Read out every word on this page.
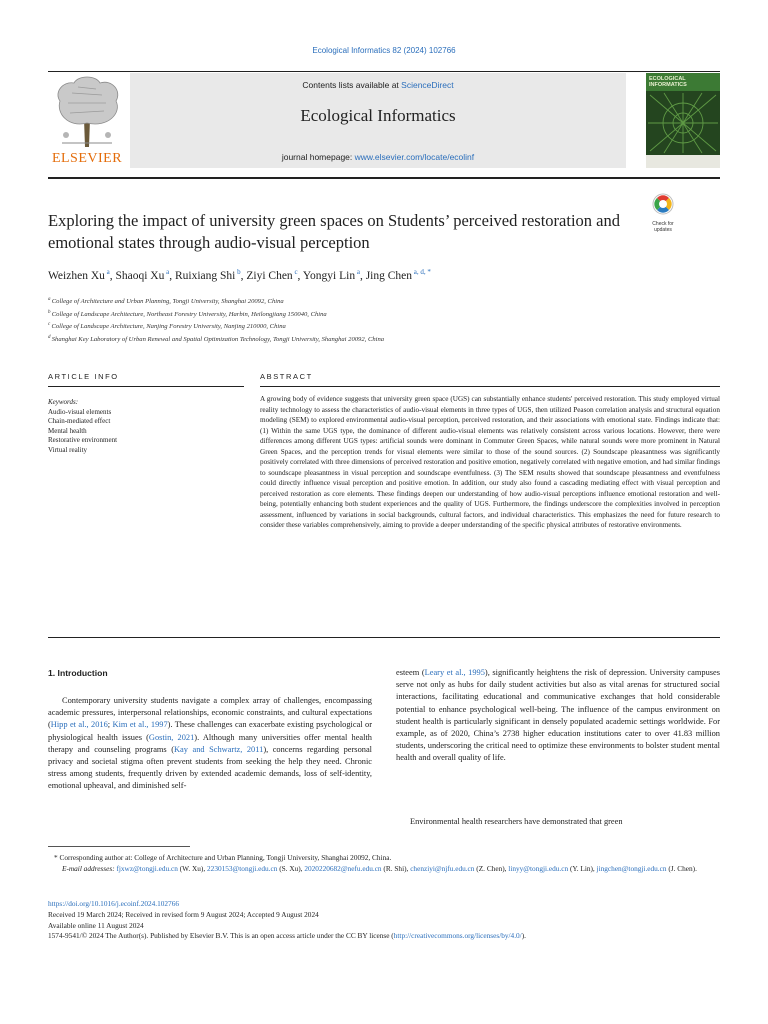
Ecological Informatics 82 (2024) 102766
ELSEVIER
Contents lists available at ScienceDirect
Ecological Informatics
journal homepage: www.elsevier.com/locate/ecolinf
ECOLOGICAL INFORMATICS
Exploring the impact of university green spaces on Students’ perceived restoration and emotional states through audio-visual perception
Check for updates
Weizhen Xu $^a$, Shaoqi Xu $^a$, Ruixiang Shi $^b$, Ziyi Chen $^c$, Yongyi Lin $^a$, Jing Chen $^{a, d, *}$
$^a$ College of Architecture and Urban Planning, Tongji University, Shanghai 20092, China
$^b$ College of Landscape Architecture, Northeast Forestry University, Harbin, Heilongjiang 150040, China
$^c$ College of Landscape Architecture, Nanjing Forestry University, Nanjing 210000, China
$^d$ Shanghai Key Laboratory of Urban Renewal and Spatial Optimization Technology, Tongji University, Shanghai 20092, China
ARTICLE INFO	ABSTRACT
Keywords:
Audio-visual elements
Chain-mediated effect
Mental health
Restorative environment
Virtual reality
A growing body of evidence suggests that university green space (UGS) can substantially enhance students' perceived restoration. This study employed virtual reality technology to assess the characteristics of audio-visual elements in three types of UGS, then utilized Peason correlation analysis and structural equation modeling (SEM) to explored environmental audio-visual perception, perceived restoration, and their associations with emotional state. Findings indicate that: (1) Within the same UGS type, the dominance of different audio-visual elements was relatively consistent across various locations. However, there were differences among different UGS types: artificial sounds were dominant in Commuter Green Spaces, while natural sounds were more prominent in Natural Green Spaces, and the perception trends for visual elements were similar to those of the sound sources. (2) Soundscape pleasantness was significantly positively correlated with three dimensions of perceived restoration and positive emotion, negatively correlated with negative emotion, and had similar findings to soundscape pleasantness in visual perception and soundscape eventfulness. (3) The SEM results showed that soundscape pleasantness and eventfulness could directly influence visual perception and positive emotion. In addition, our study also found a cascading mediating effect with visual perception and perceived restoration as core elements. These findings deepen our understanding of how audio-visual perceptions influence emotional restoration and well-being, potentially enhancing both student experiences and the quality of UGS. Furthermore, the findings underscore the complexities involved in perception assessment, influenced by variations in social backgrounds, cultural factors, and individual characteristics. This emphasizes the need for future research to consider these variables comprehensively, aiming to provide a deeper understanding of the specific physical attributes of restorative environments.
1. Introduction
Contemporary university students navigate a complex array of challenges, encompassing academic pressures, interpersonal relationships, economic constraints, and cultural expectations (Hipp et al., 2016; Kim et al., 1997). These challenges can exacerbate existing psychological or physiological health issues (Gostin, 2021). Although many universities offer mental health therapy and counseling programs (Kay and Schwartz, 2011), concerns regarding personal privacy and societal stigma often prevent students from seeking the help they need. Chronic stress among students, frequently driven by extended academic demands, loss of self-identity, emotional upheaval, and diminished self-
esteem (Leary et al., 1995), significantly heightens the risk of depression. University campuses serve not only as hubs for daily student activities but also as vital arenas for structured social interactions, facilitating educational and communicative exchanges that hold considerable potential to enhance psychological well-being. The influence of the campus environment on student health is particularly significant in densely populated academic settings worldwide. For example, as of 2020, China’s 2738 higher education institutions cater to over 41.83 million students, underscoring the critical need to optimize these environments to bolster student mental health and overall quality of life.
Environmental health researchers have demonstrated that green
* Corresponding author at: College of Architecture and Urban Planning, Tongji University, Shanghai 20092, China.
E-mail addresses: fjxwz@tongji.edu.cn (W. Xu), 2230153@tongji.edu.cn (S. Xu), 2020220682@nefu.edu.cn (R. Shi), chenziyi@njfu.edu.cn (Z. Chen), linyy@tongji.edu.cn (Y. Lin), jingchen@tongji.edu.cn (J. Chen).
https://doi.org/10.1016/j.ecoinf.2024.102766
Received 19 March 2024; Received in revised form 9 August 2024; Accepted 9 August 2024
Available online 11 August 2024
1574-9541/© 2024 The Author(s). Published by Elsevier B.V. This is an open access article under the CC BY license (http://creativecommons.org/licenses/by/4.0/).
